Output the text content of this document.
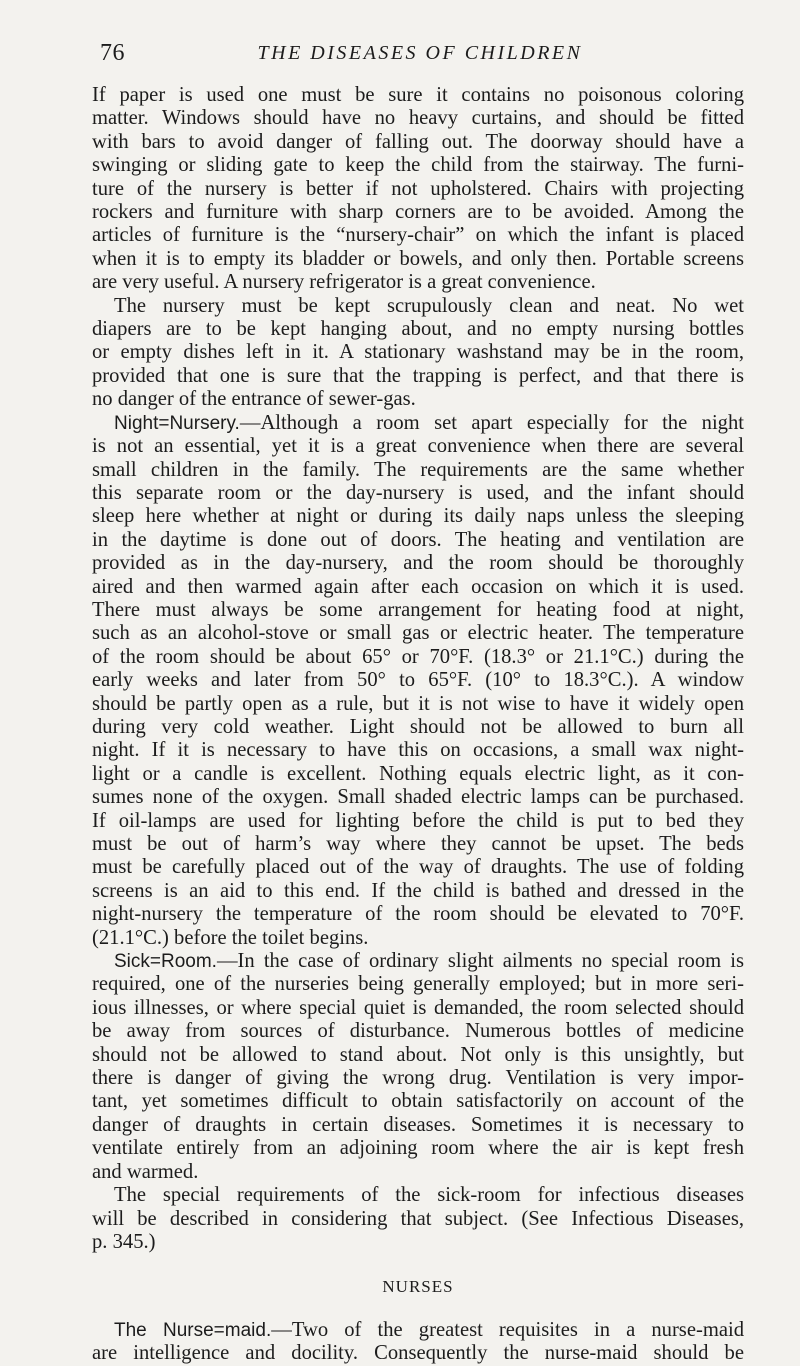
76	THE DISEASES OF CHILDREN
If paper is used one must be sure it contains no poisonous coloring
matter. Windows should have no heavy curtains, and should be fitted
with bars to avoid danger of falling out. The doorway should have a
swinging or sliding gate to keep the child from the stairway. The furni-
ture of the nursery is better if not upholstered. Chairs with projecting
rockers and furniture with sharp corners are to be avoided. Among the
articles of furniture is the “nursery-chair” on which the infant is placed
when it is to empty its bladder or bowels, and only then. Portable screens
are very useful. A nursery refrigerator is a great convenience.
The nursery must be kept scrupulously clean and neat. No wet
diapers are to be kept hanging about, and no empty nursing bottles
or empty dishes left in it. A stationary washstand may be in the room,
provided that one is sure that the trapping is perfect, and that there is
no danger of the entrance of sewer-gas.
Night=Nursery.—Although a room set apart especially for the night
is not an essential, yet it is a great convenience when there are several
small children in the family. The requirements are the same whether
this separate room or the day-nursery is used, and the infant should
sleep here whether at night or during its daily naps unless the sleeping
in the daytime is done out of doors. The heating and ventilation are
provided as in the day-nursery, and the room should be thoroughly
aired and then warmed again after each occasion on which it is used.
There must always be some arrangement for heating food at night,
such as an alcohol-stove or small gas or electric heater. The temperature
of the room should be about 65° or 70°F. (18.3° or 21.1°C.) during the
early weeks and later from 50° to 65°F. (10° to 18.3°C.). A window
should be partly open as a rule, but it is not wise to have it widely open
during very cold weather. Light should not be allowed to burn all
night. If it is necessary to have this on occasions, a small wax night-
light or a candle is excellent. Nothing equals electric light, as it con-
sumes none of the oxygen. Small shaded electric lamps can be purchased.
If oil-lamps are used for lighting before the child is put to bed they
must be out of harm’s way where they cannot be upset. The beds
must be carefully placed out of the way of draughts. The use of folding
screens is an aid to this end. If the child is bathed and dressed in the
night-nursery the temperature of the room should be elevated to 70°F.
(21.1°C.) before the toilet begins.
Sick=Room.—In the case of ordinary slight ailments no special room is
required, one of the nurseries being generally employed; but in more seri-
ious illnesses, or where special quiet is demanded, the room selected should
be away from sources of disturbance. Numerous bottles of medicine
should not be allowed to stand about. Not only is this unsightly, but
there is danger of giving the wrong drug. Ventilation is very impor-
tant, yet sometimes difficult to obtain satisfactorily on account of the
danger of draughts in certain diseases. Sometimes it is necessary to
ventilate entirely from an adjoining room where the air is kept fresh
and warmed.
The special requirements of the sick-room for infectious diseases
will be described in considering that subject. (See Infectious Diseases,
p. 345.)
NURSES
The Nurse=maid.—Two of the greatest requisites in a nurse-maid
are intelligence and docility. Consequently the nurse-maid should be
